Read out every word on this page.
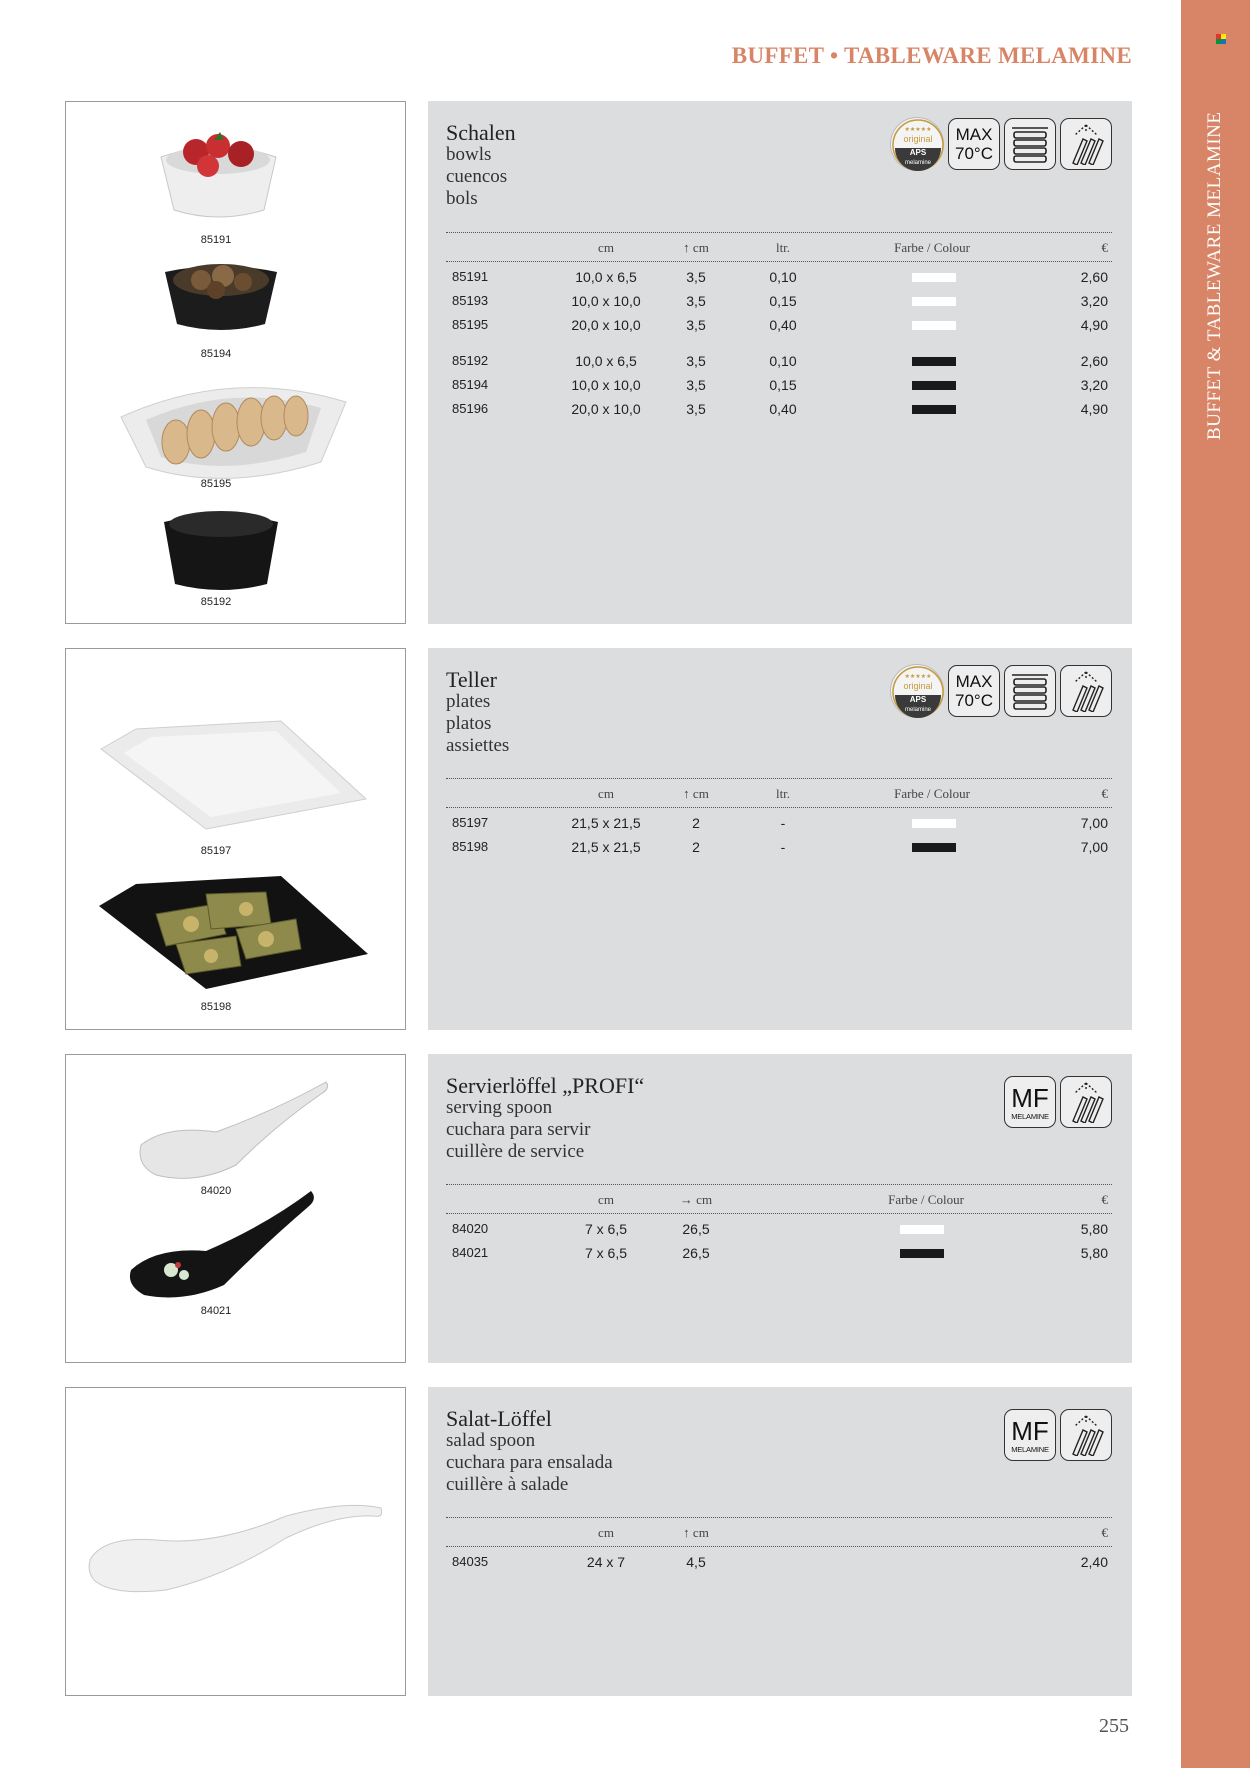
BUFFET • TABLEWARE MELAMINE
BUFFET & TABLEWARE MELAMINE
85191
85194
85195
85192
Schalen
bowls
cuencos
bols
original
APS
melamine
★★★★★ MAX
70°C
cm	↑ cm	ltr.	Farbe / Colour	€
85191	10,0 x 6,5	3,5	0,10	2,60
85193	10,0 x 10,0	3,5	0,15	3,20
85195	20,0 x 10,0	3,5	0,40	4,90
85192	10,0 x 6,5	3,5	0,10	2,60
85194	10,0 x 10,0	3,5	0,15	3,20
85196	20,0 x 10,0	3,5	0,40	4,90
85197
85198
Teller
plates
platos
assiettes
original
APS
melamine
★★★★★ MAX
70°C
cm	↑ cm	ltr.	Farbe / Colour	€
85197	21,5 x 21,5	2	-	7,00
85198	21,5 x 21,5	2	-	7,00
84020
84021
Servierlöffel „PROFI“
serving spoon
cuchara para servir
cuillère de service
MF
MELAMINE
cm	→ cm	Farbe / Colour	€
84020	7 x 6,5	26,5	5,80
84021	7 x 6,5	26,5	5,80
Salat-Löffel
salad spoon
cuchara para ensalada
cuillère à salade
MF
MELAMINE
cm	↑ cm	€
84035	24 x 7	4,5	2,40
255
